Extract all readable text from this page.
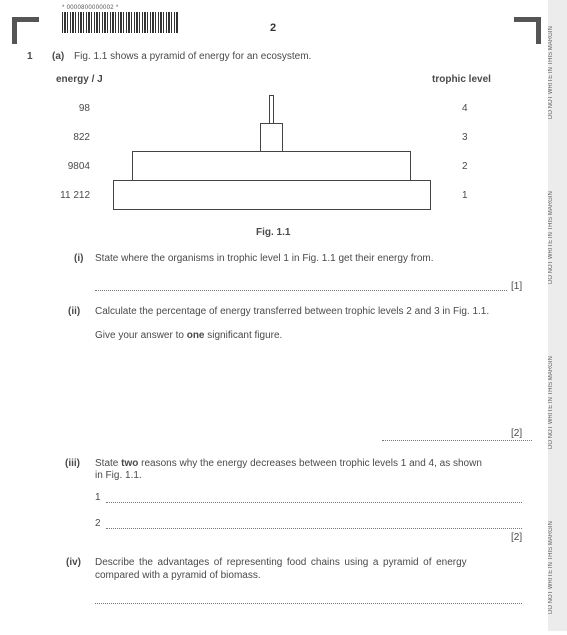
* 0000800000002 *
2	DO NOT WRITE IN THIS MARGIN
DO NOT WRITE IN THIS MARGIN
DO NOT WRITE IN THIS MARGIN
DO NOT WRITE IN THIS MARGIN
1 (a) Fig. 1.1 shows a pyramid of energy for an ecosystem.
energy / J	trophic level
98
822
9804
11 212
4
3
2
1
Fig. 1.1
(i) State where the organisms in trophic level 1 in Fig. 1.1 get their energy from.
[1]
(ii) Calculate the percentage of energy transferred between trophic levels 2 and 3 in Fig. 1.1.
Give your answer to one significant figure.
[2]
(iii) State two reasons why the energy decreases between trophic levels 1 and 4, as shown
in Fig. 1.1.
1
2
[2]
(iv) Describe the advantages of representing food chains using a pyramid of energy
compared with a pyramid of biomass.
